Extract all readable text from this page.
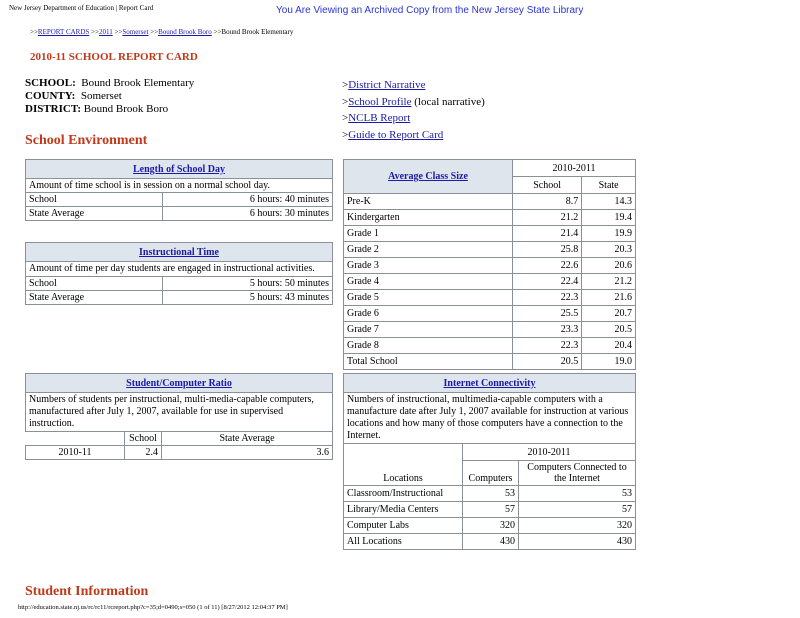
New Jersey Department of Education | Report Card	You Are Viewing an Archived Copy from the New Jersey State Library
>>REPORT CARDS >>2011 >>Somerset >>Bound Brook Boro >>Bound Brook Elementary
2010-11 SCHOOL REPORT CARD
SCHOOL: Bound Brook Elementary
COUNTY: Somerset
DISTRICT: Bound Brook Boro
>District Narrative
>School Profile (local narrative)
>NCLB Report
>Guide to Report Card
School Environment
Length of School Day	
Amount of time school is in session on a normal school day.	
School	6 hours: 40 minutes
State Average	6 hours: 30 minutes
Instructional Time	
Amount of time per day students are engaged in instructional activities.	
School	5 hours: 50 minutes
State Average	5 hours: 43 minutes
Student/Computer Ratio		
Numbers of students per instructional, multi-media-capable computers, manufactured after July 1, 2007, available for use in supervised instruction.		
	School	State Average
2010-11	2.4	3.6
Average Class Size	2010-2011	
	School	State
Pre-K	8.7	14.3
Kindergarten	21.2	19.4
Grade 1	21.4	19.9
Grade 2	25.8	20.3
Grade 3	22.6	20.6
Grade 4	22.4	21.2
Grade 5	22.3	21.6
Grade 6	25.5	20.7
Grade 7	23.3	20.5
Grade 8	22.3	20.4
Total School	20.5	19.0
Internet Connectivity		
Numbers of instructional, multimedia-capable computers with a manufacture date after July 1, 2007 available for instruction at various locations and how many of those computers have a connection to the Internet.		
Locations	2010-2011	
	Computers	Computers Connected to the Internet
Classroom/Instructional	53	53
Library/Media Centers	57	57
Computer Labs	320	320
All Locations	430	430
Student Information
http://education.state.nj.us/rc/rc11/rcreport.php?c=35;d=0490;s=050 (1 of 11) [8/27/2012 12:04:37 PM]
